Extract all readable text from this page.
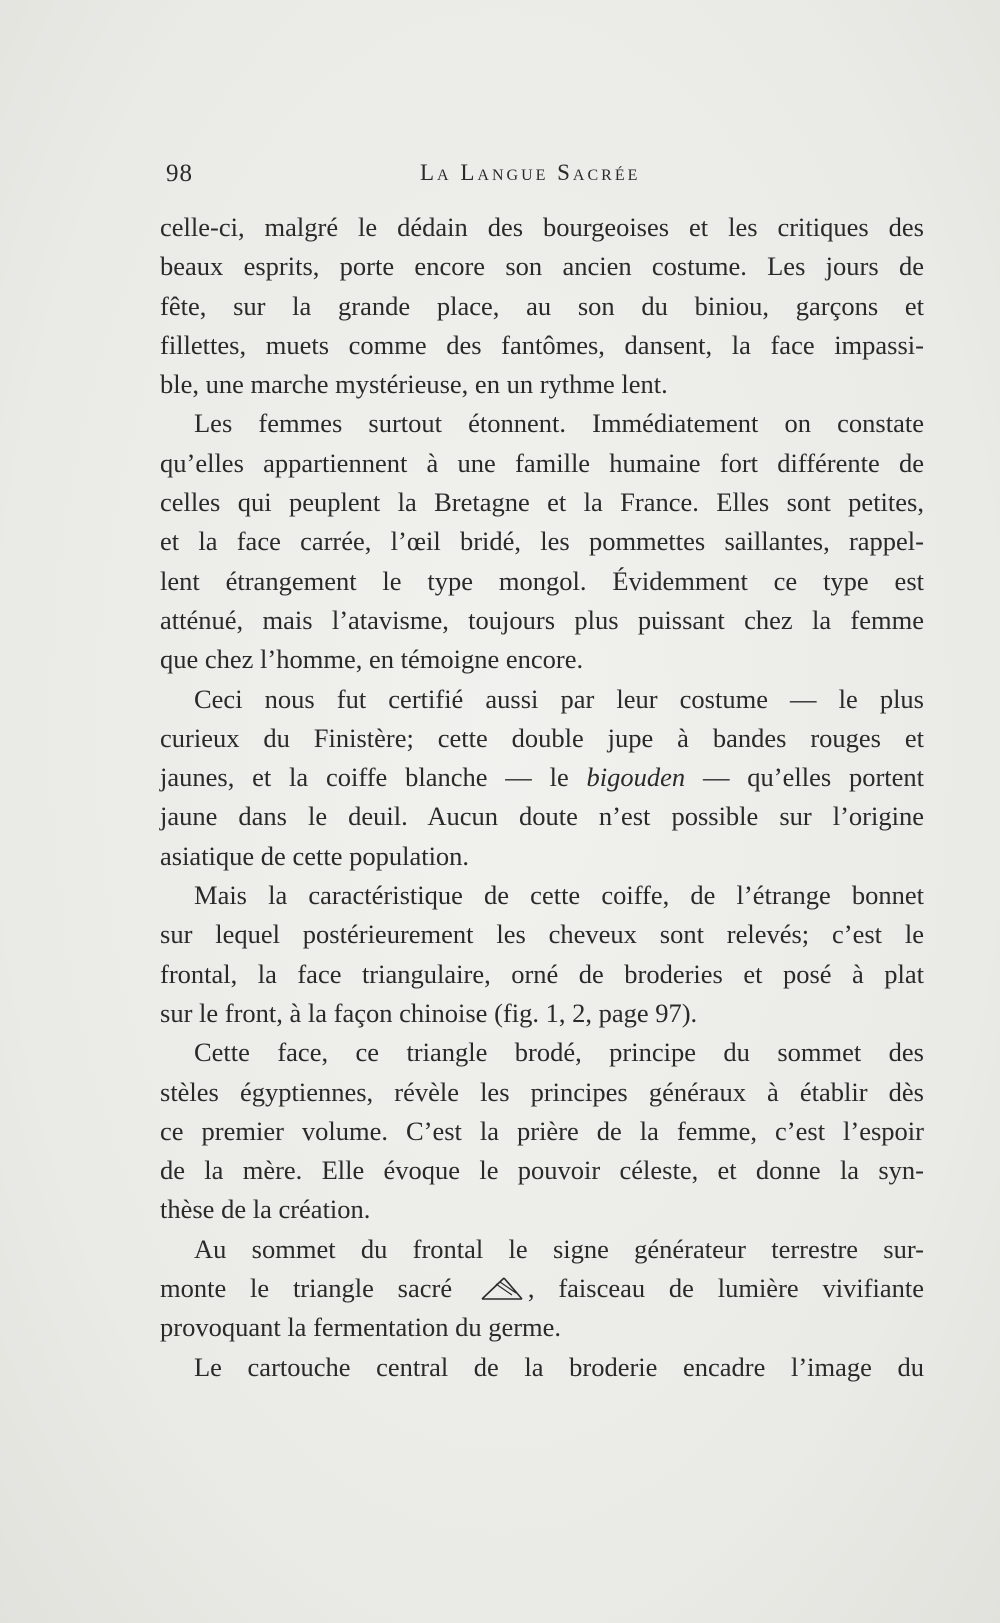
98	La Langue Sacrée
celle-ci, malgré le dédain des bourgeoises et les critiques des
beaux esprits, porte encore son ancien costume. Les jours de
fête, sur la grande place, au son du biniou, garçons et
fillettes, muets comme des fantômes, dansent, la face impassi-
ble, une marche mystérieuse, en un rythme lent.
Les femmes surtout étonnent. Immédiatement on constate
qu’elles appartiennent à une famille humaine fort différente de
celles qui peuplent la Bretagne et la France. Elles sont petites,
et la face carrée, l’œil bridé, les pommettes saillantes, rappel-
lent étrangement le type mongol. Évidemment ce type est
atténué, mais l’atavisme, toujours plus puissant chez la femme
que chez l’homme, en témoigne encore.
Ceci nous fut certifié aussi par leur costume — le plus
curieux du Finistère; cette double jupe à bandes rouges et
jaunes, et la coiffe blanche — le bigouden — qu’elles portent
jaune dans le deuil. Aucun doute n’est possible sur l’origine
asiatique de cette population.
Mais la caractéristique de cette coiffe, de l’étrange bonnet
sur lequel postérieurement les cheveux sont relevés; c’est le
frontal, la face triangulaire, orné de broderies et posé à plat
sur le front, à la façon chinoise (fig. 1, 2, page 97).
Cette face, ce triangle brodé, principe du sommet des
stèles égyptiennes, révèle les principes généraux à établir dès
ce premier volume. C’est la prière de la femme, c’est l’espoir
de la mère. Elle évoque le pouvoir céleste, et donne la syn-
thèse de la création.
Au sommet du frontal le signe générateur terrestre sur-
monte le triangle sacré	, faisceau de lumière vivifiante
provoquant la fermentation du germe.
Le cartouche central de la broderie encadre l’image du
